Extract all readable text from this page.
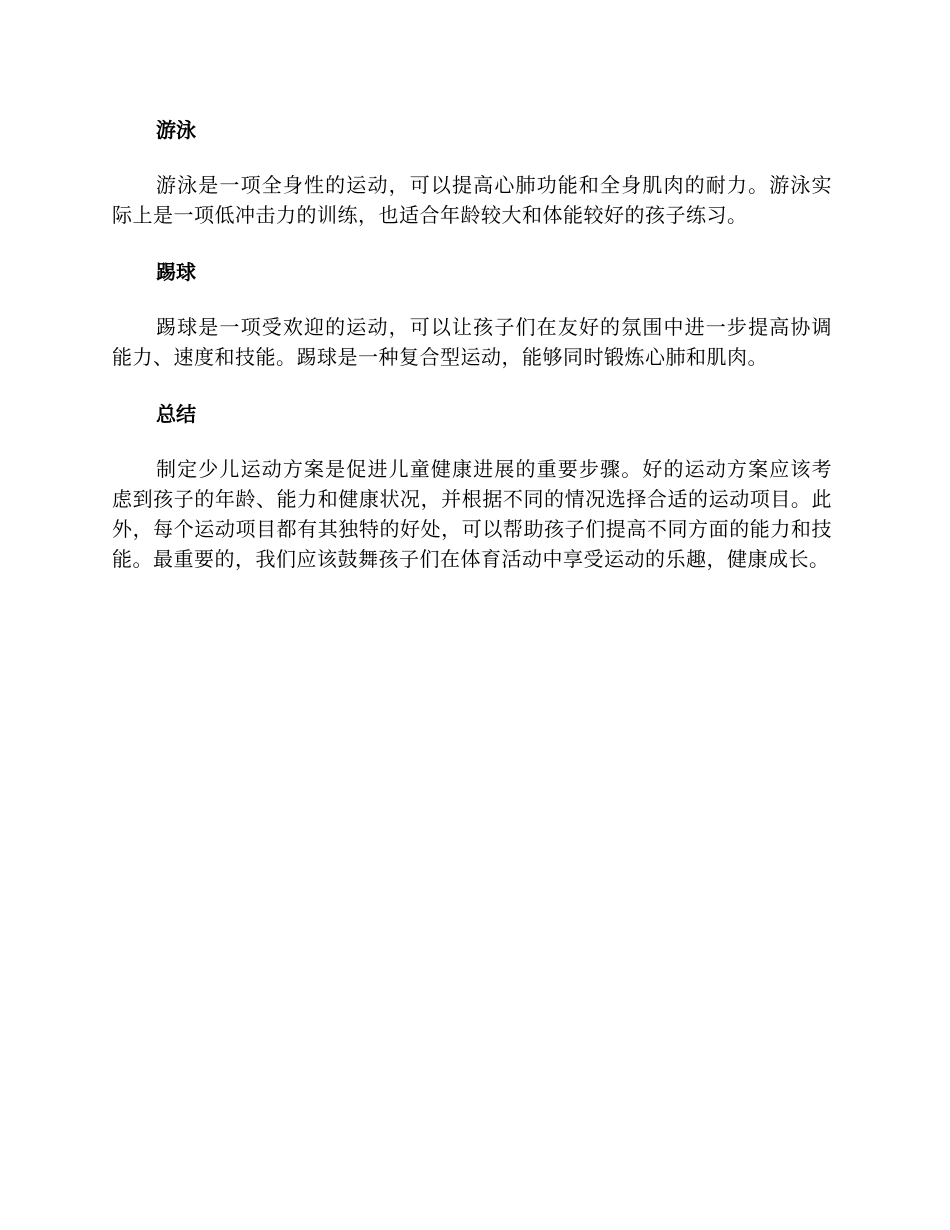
游泳

游泳是一项全身性的运动，可以提高心肺功能和全身肌肉的耐力。游泳实际上是一项低冲击力的训练，也适合年龄较大和体能较好的孩子练习。

踢球

踢球是一项受欢迎的运动，可以让孩子们在友好的氛围中进一步提高协调能力、速度和技能。踢球是一种复合型运动，能够同时锻炼心肺和肌肉。

总结

制定少儿运动方案是促进儿童健康进展的重要步骤。好的运动方案应该考虑到孩子的年龄、能力和健康状况，并根据不同的情况选择合适的运动项目。此外，每个运动项目都有其独特的好处，可以帮助孩子们提高不同方面的能力和技能。最重要的，我们应该鼓舞孩子们在体育活动中享受运动的乐趣，健康成长。
